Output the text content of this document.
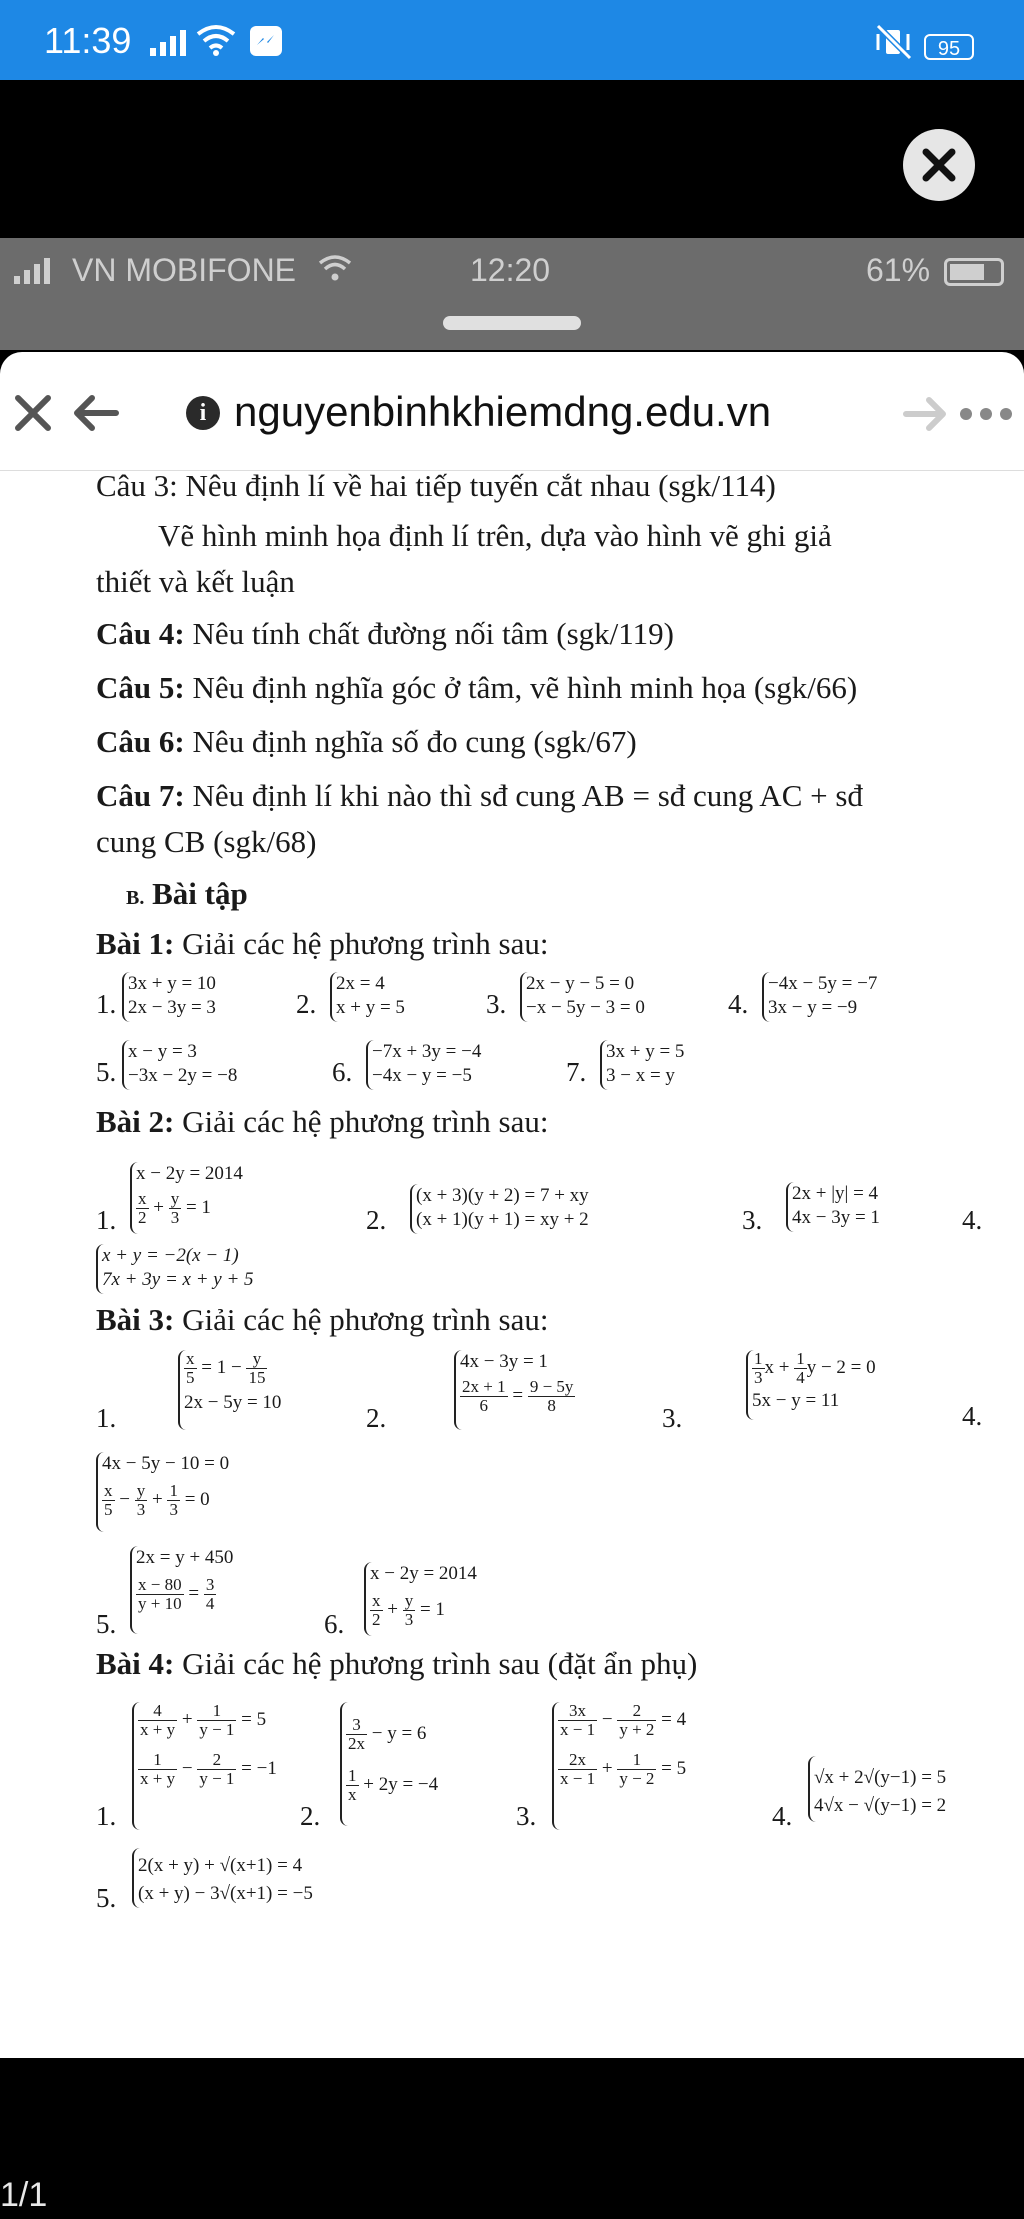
11:39	95
VN MOBIFONE	12:20	61%
i nguyenbinhkhiemdng.edu.vn
Câu 3: Nêu định lí về hai tiếp tuyến cắt nhau (sgk/114)
Vẽ hình minh họa định lí trên, dựa vào hình vẽ ghi giả
thiết và kết luận
Câu 4: Nêu tính chất đường nối tâm (sgk/119)
Câu 5: Nêu định nghĩa góc ở tâm, vẽ hình minh họa (sgk/66)
Câu 6: Nêu định nghĩa số đo cung (sgk/67)
Câu 7: Nêu định lí khi nào thì sđ cung AB = sđ cung AC + sđ
cung CB (sgk/68)
B. Bài tập
Bài 1: Giải các hệ phương trình sau:
1.
3x + y = 10
2x − 3y = 3	2.
2x = 4
x + y = 5	3.
2x − y − 5 = 0
−x − 5y − 3 = 0	4.
−4x − 5y = −7
3x − y = −9
5.
x − y = 3
−3x − 2y = −8	6.
−7x + 3y = −4
−4x − y = −5	7.
3x + y = 5
3 − x = y
Bài 2: Giải các hệ phương trình sau:
1.
x − 2y = 2014
$\frac{x}{2} + \frac{y}{3} = 1$	2.
(x + 3)(y + 2) = 7 + xy
(x + 1)(y + 1) = xy + 2	3.
2x + |y| = 4
4x − 3y = 1	4.
x + y = −2(x − 1)
7x + 3y = x + y + 5
Bài 3: Giải các hệ phương trình sau:
1.
$\frac{x}{5} = 1 - \frac{y}{15}$
2x − 5y = 10
2.
4x − 3y = 1
$\frac{2x + 1}{6} = \frac{9 - 5y}{8}$
3.
$\frac{1}{3}$ $x + \frac{1}{4}$ y − 2 = 0
5x − y = 11
4.
4x − 5y − 10 = 0
$\frac{x}{5} - \frac{y}{3} + \frac{1}{3} = 0$
5.
2x = y + 450
$\frac{x - 80}{y + 10} = \frac{3}{4}$
6.
x − 2y = 2014
$\frac{x}{2} + \frac{y}{3} = 1$
Bài 4: Giải các hệ phương trình sau (đặt ẩn phụ)
1.
$\frac{4}{x + y} + \frac{1}{y - 1} = 5$
$\frac{1}{x + y} - \frac{2}{y - 1} = -1$
2.
$\frac{3}{2x} - y = 6$
$\frac{1}{x} + 2y = -4$
3.
$\frac{3x}{x - 1} - \frac{2}{y + 2} = 4$
$\frac{2x}{x - 1} + \frac{1}{y - 2} = 5$
4.
√x + 2√(y−1) = 5
4√x − √(y−1) = 2
5.
2(x + y) + √(x+1) = 4
(x + y) − 3√(x+1) = −5
1/1
